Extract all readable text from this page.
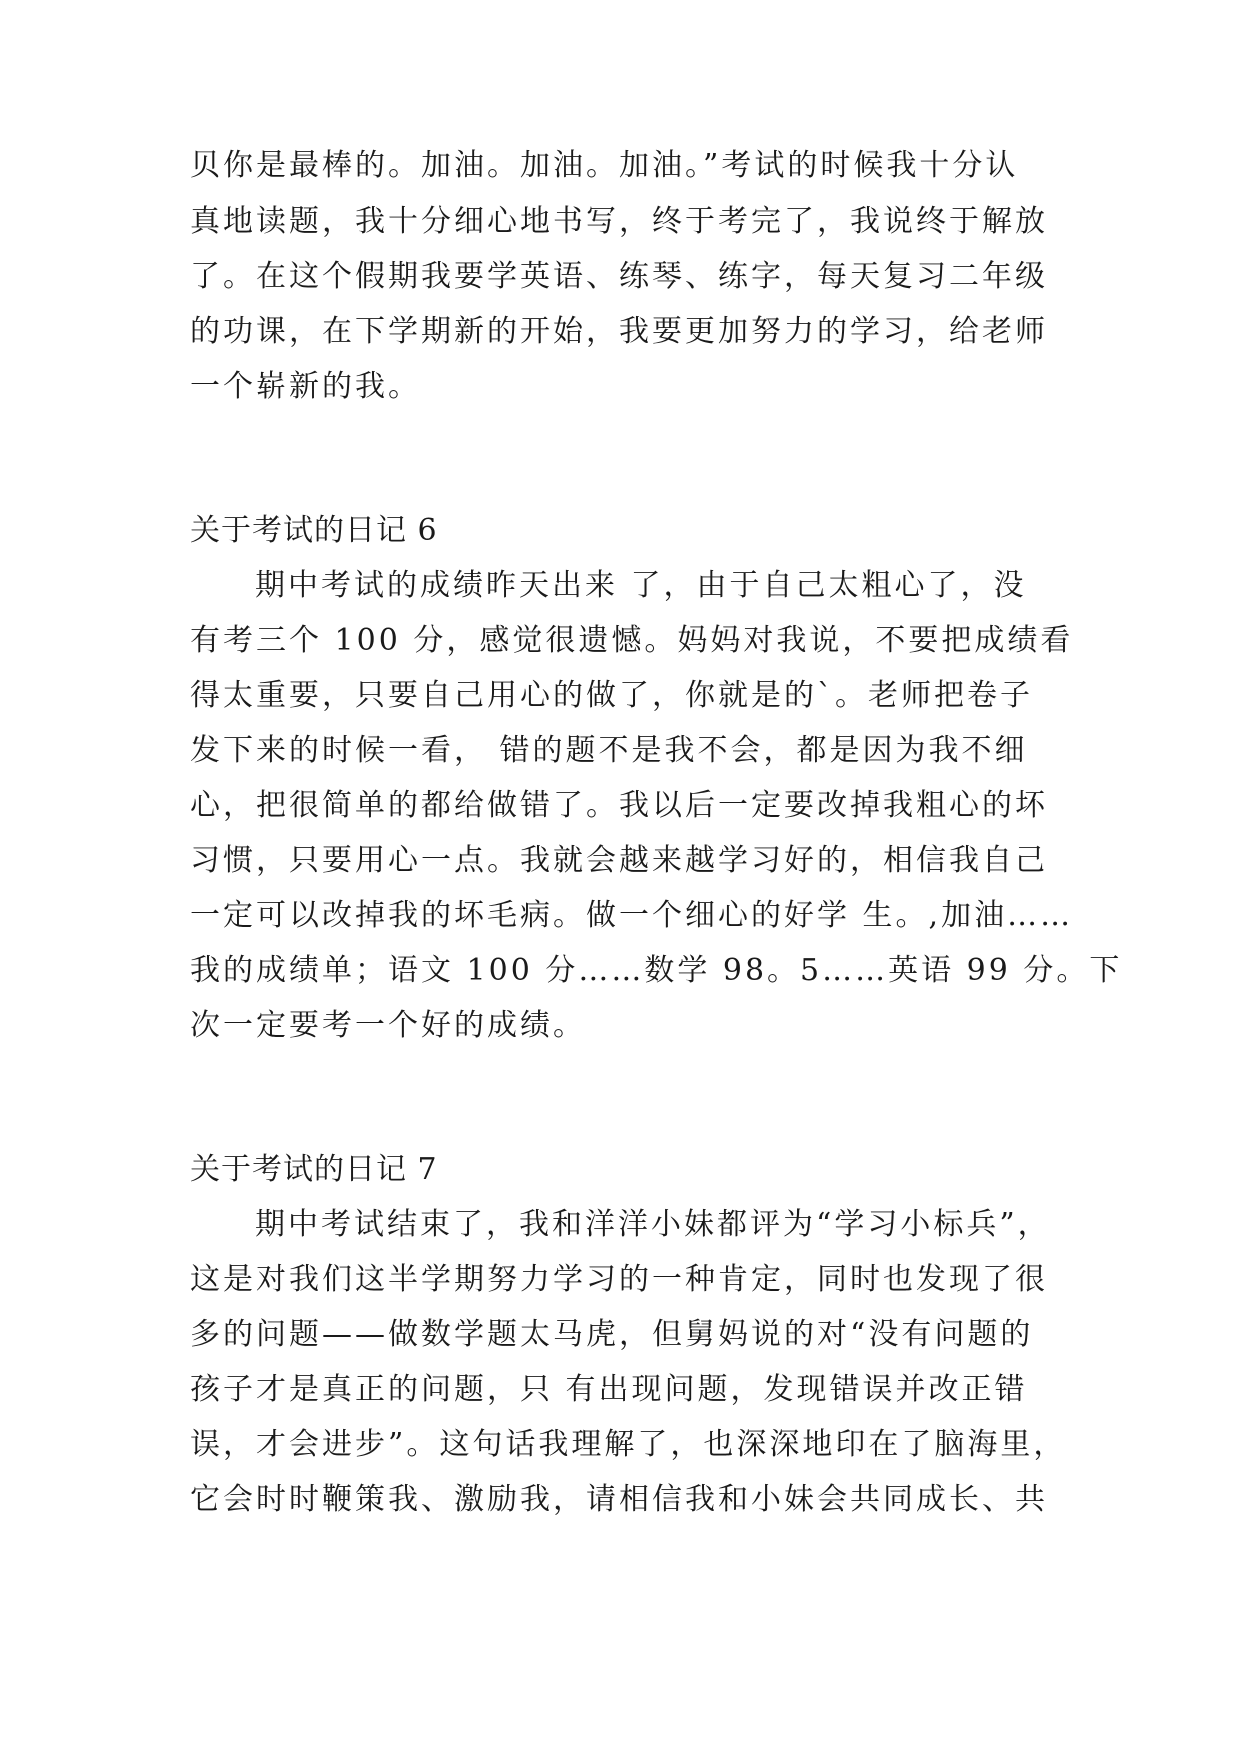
贝你是最棒的。加油。加油。加油。”考试的时候我十分认
真地读题，我十分细心地书写，终于考完了，我说终于解放
了。在这个假期我要学英语、练琴、练字，每天复习二年级
的功课，在下学期新的开始，我要更加努力的学习，给老师
一个崭新的我。
关于考试的日记 6
期中考试的成绩昨天出来 了，由于自己太粗心了，没
有考三个 100 分，感觉很遗憾。妈妈对我说，不要把成绩看
得太重要，只要自己用心的做了，你就是的`。老师把卷子
发下来的时候一看， 错的题不是我不会，都是因为我不细
心，把很简单的都给做错了。我以后一定要改掉我粗心的坏
习惯，只要用心一点。我就会越来越学习好的，相信我自己
一定可以改掉我的坏毛病。做一个细心的好学 生。,加油……
我的成绩单；语文 100 分……数学 98。5……英语 99 分。下
次一定要考一个好的成绩。
关于考试的日记 7
期中考试结束了，我和洋洋小妹都评为“学习小标兵”，
这是对我们这半学期努力学习的一种肯定，同时也发现了很
多的问题——做数学题太马虎，但舅妈说的对“没有问题的
孩子才是真正的问题，只 有出现问题，发现错误并改正错
误，才会进步”。这句话我理解了，也深深地印在了脑海里，
它会时时鞭策我、激励我，请相信我和小妹会共同成长、共
